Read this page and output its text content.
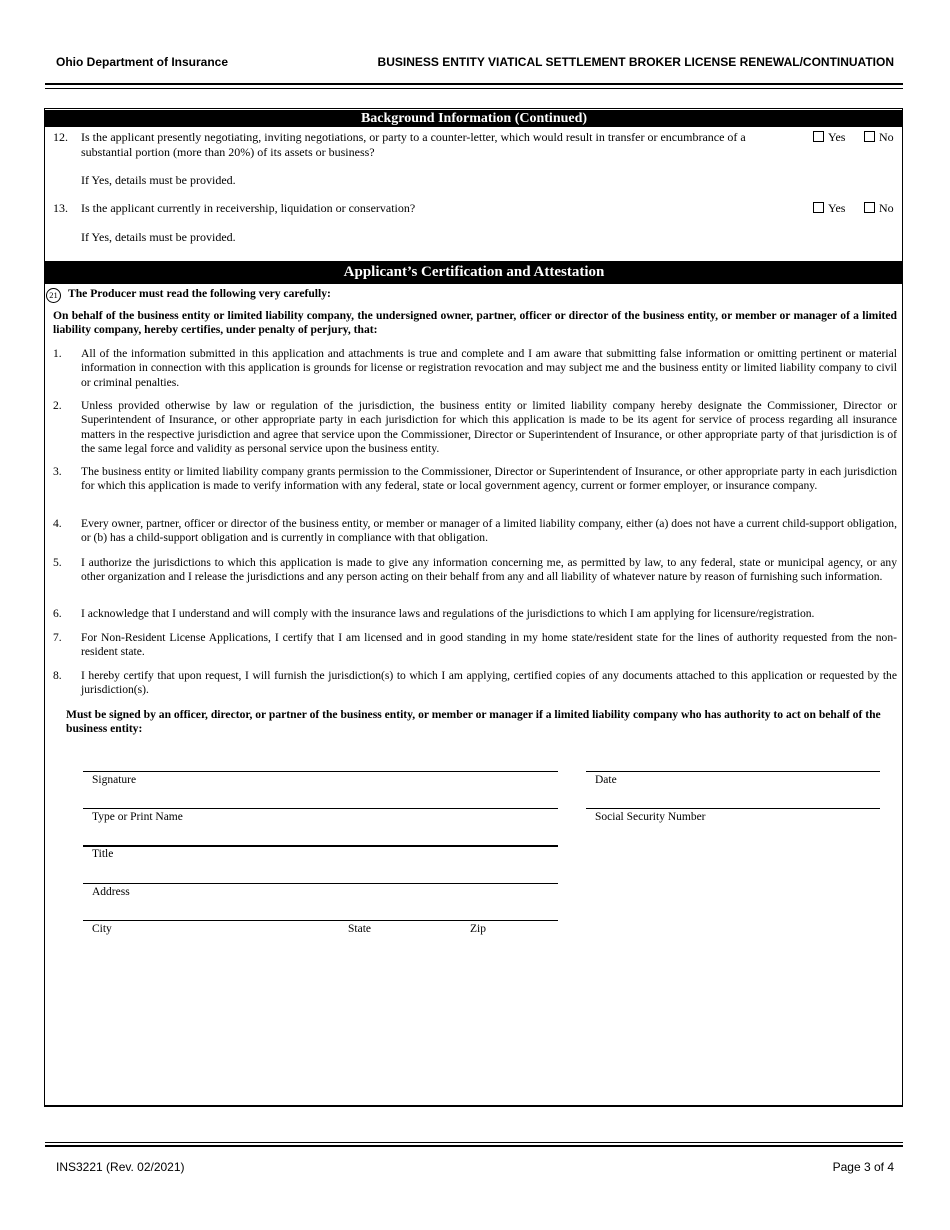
Ohio Department of Insurance	BUSINESS ENTITY VIATICAL SETTLEMENT BROKER LICENSE RENEWAL/CONTINUATION
Background Information (Continued)
12. Is the applicant presently negotiating, inviting negotiations, or party to a counter-letter, which would result in transfer or encumbrance of a substantial portion (more than 20%) of its assets or business?
Yes	No
If Yes, details must be provided.
13. Is the applicant currently in receivership, liquidation or conservation?	Yes	No
If Yes, details must be provided.
Applicant’s Certification and Attestation
21 The Producer must read the following very carefully:
On behalf of the business entity or limited liability company, the undersigned owner, partner, officer or director of the business entity, or member or manager of a limited liability company, hereby certifies, under penalty of perjury, that:
1. All of the information submitted in this application and attachments is true and complete and I am aware that submitting false information or omitting pertinent or material information in connection with this application is grounds for license or registration revocation and may subject me and the business entity or limited liability company to civil or criminal penalties.
2. Unless provided otherwise by law or regulation of the jurisdiction, the business entity or limited liability company hereby designate the Commissioner, Director or Superintendent of Insurance, or other appropriate party in each jurisdiction for which this application is made to be its agent for service of process regarding all insurance matters in the respective jurisdiction and agree that service upon the Commissioner, Director or Superintendent of Insurance, or other appropriate party of that jurisdiction is of the same legal force and validity as personal service upon the business entity.
3. The business entity or limited liability company grants permission to the Commissioner, Director or Superintendent of Insurance, or other appropriate party in each jurisdiction for which this application is made to verify information with any federal, state or local government agency, current or former employer, or insurance company.
4. Every owner, partner, officer or director of the business entity, or member or manager of a limited liability company, either (a) does not have a current child-support obligation, or (b) has a child-support obligation and is currently in compliance with that obligation.
5. I authorize the jurisdictions to which this application is made to give any information concerning me, as permitted by law, to any federal, state or municipal agency, or any other organization and I release the jurisdictions and any person acting on their behalf from any and all liability of whatever nature by reason of furnishing such information.
6. I acknowledge that I understand and will comply with the insurance laws and regulations of the jurisdictions to which I am applying for licensure/registration.
7. For Non-Resident License Applications, I certify that I am licensed and in good standing in my home state/resident state for the lines of authority requested from the non-resident state.
8. I hereby certify that upon request, I will furnish the jurisdiction(s) to which I am applying, certified copies of any documents attached to this application or requested by the jurisdiction(s).
Must be signed by an officer, director, or partner of the business entity, or member or manager if a limited liability company who has authority to act on behalf of the business entity:
Signature	Date
Type or Print Name	Social Security Number
Title
Address
City	State	Zip
INS3221 (Rev. 02/2021)	Page 3 of 4
